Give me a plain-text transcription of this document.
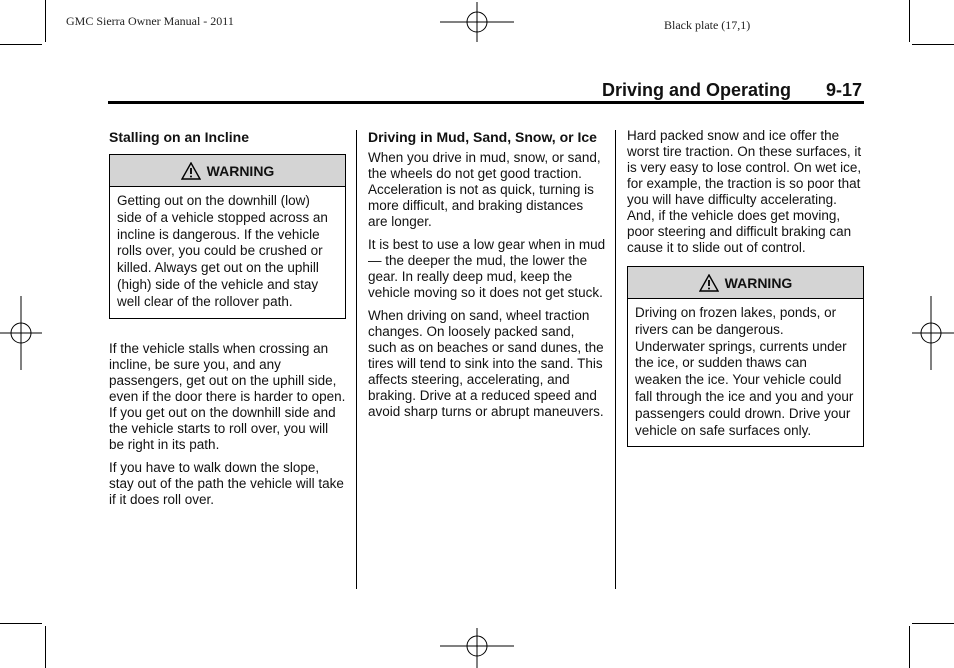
GMC Sierra Owner Manual - 2011	Black plate (17,1)
Driving and Operating 9-17
Stalling on an Incline
WARNING
Getting out on the downhill (low) side of a vehicle stopped across an incline is dangerous. If the vehicle rolls over, you could be crushed or killed. Always get out on the uphill (high) side of the vehicle and stay well clear of the rollover path.

If the vehicle stalls when crossing an incline, be sure you, and any passengers, get out on the uphill side, even if the door there is harder to open. If you get out on the downhill side and the vehicle starts to roll over, you will be right in its path.

If you have to walk down the slope, stay out of the path the vehicle will take if it does roll over.

Driving in Mud, Sand, Snow, or Ice

When you drive in mud, snow, or sand, the wheels do not get good traction. Acceleration is not as quick, turning is more difficult, and braking distances are longer.

It is best to use a low gear when in mud — the deeper the mud, the lower the gear. In really deep mud, keep the vehicle moving so it does not get stuck.

When driving on sand, wheel traction changes. On loosely packed sand, such as on beaches or sand dunes, the tires will tend to sink into the sand. This affects steering, accelerating, and braking. Drive at a reduced speed and avoid sharp turns or abrupt maneuvers.

Hard packed snow and ice offer the worst tire traction. On these surfaces, it is very easy to lose control. On wet ice, for example, the traction is so poor that you will have difficulty accelerating. And, if the vehicle does get moving, poor steering and difficult braking can cause it to slide out of control.

WARNING
Driving on frozen lakes, ponds, or rivers can be dangerous. Underwater springs, currents under the ice, or sudden thaws can weaken the ice. Your vehicle could fall through the ice and you and your passengers could drown. Drive your vehicle on safe surfaces only.
